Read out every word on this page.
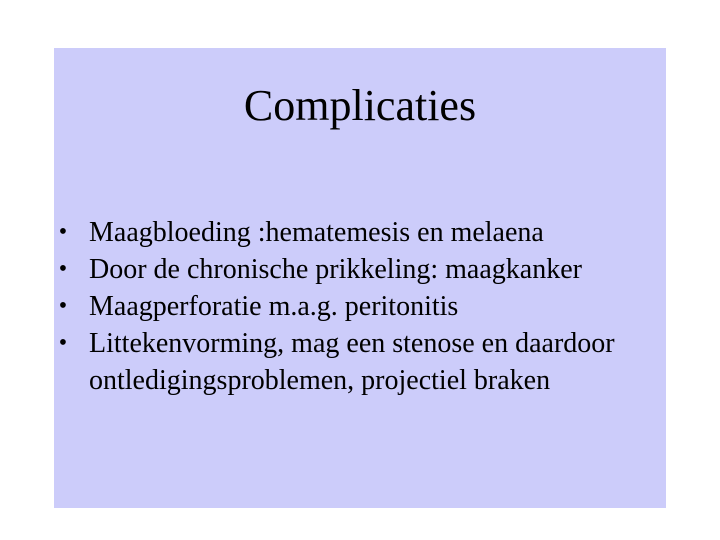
Complicaties
• Maagbloeding :hematemesis en melaena
• Door de chronische prikkeling: maagkanker
• Maagperforatie m.a.g. peritonitis
• Littekenvorming, mag een stenose en daardoor ontledigingsproblemen, projectiel braken
